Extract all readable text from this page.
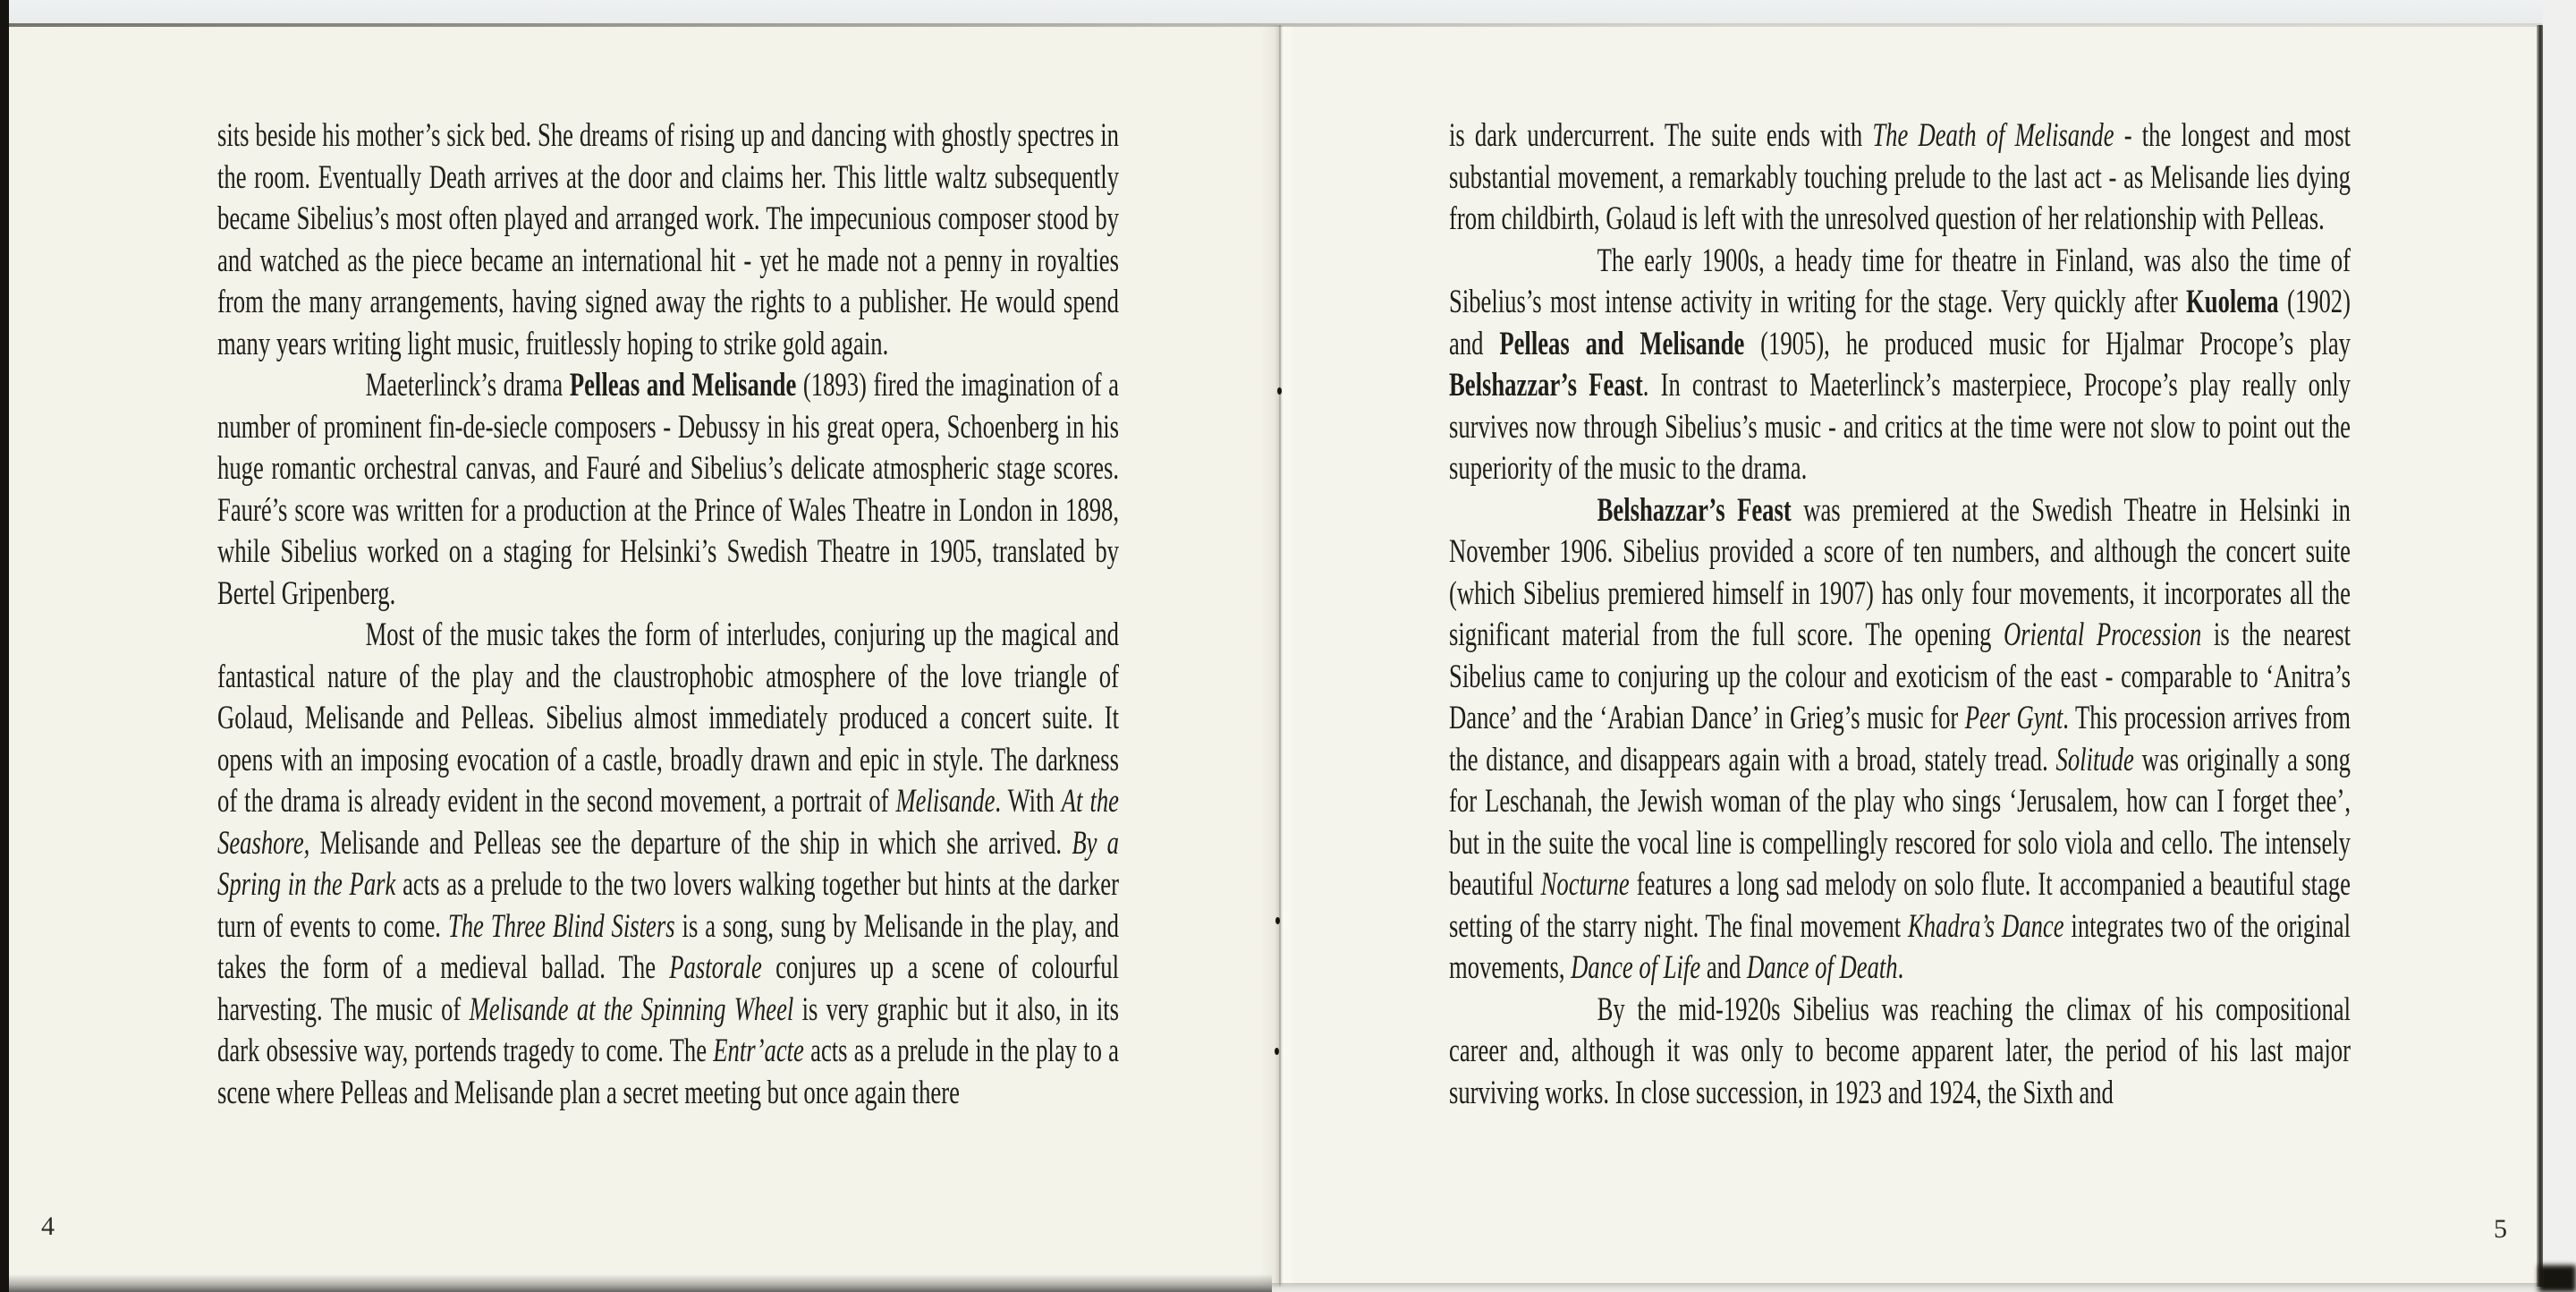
sits beside his mother’s sick bed. She dreams of rising up and dancing with ghostly spectres in the room. Eventually Death arrives at the door and claims her. This little waltz subsequently became Sibelius’s most often played and arranged work. The impecunious composer stood by and watched as the piece became an international hit - yet he made not a penny in royalties from the many arrangements, having signed away the rights to a publisher. He would spend many years writing light music, fruitlessly hoping to strike gold again.

Maeterlinck’s drama Pelleas and Melisande (1893) fired the imagination of a number of prominent fin-de-siecle composers - Debussy in his great opera, Schoenberg in his huge romantic orchestral canvas, and Fauré and Sibelius’s delicate atmospheric stage scores. Fauré’s score was written for a production at the Prince of Wales Theatre in London in 1898, while Sibelius worked on a staging for Helsinki’s Swedish Theatre in 1905, translated by Bertel Gripenberg.

Most of the music takes the form of interludes, conjuring up the magical and fantastical nature of the play and the claustrophobic atmosphere of the love triangle of Golaud, Melisande and Pelleas. Sibelius almost immediately produced a concert suite. It opens with an imposing evocation of a castle, broadly drawn and epic in style. The darkness of the drama is already evident in the second movement, a portrait of Melisande. With At the Seashore, Melisande and Pelleas see the departure of the ship in which she arrived. By a Spring in the Park acts as a prelude to the two lovers walking together but hints at the darker turn of events to come. The Three Blind Sisters is a song, sung by Melisande in the play, and takes the form of a medieval ballad. The Pastorale conjures up a scene of colourful harvesting. The music of Melisande at the Spinning Wheel is very graphic but it also, in its dark obsessive way, portends tragedy to come. The Entr’acte acts as a prelude in the play to a scene where Pelleas and Melisande plan a secret meeting but once again there

is dark undercurrent. The suite ends with The Death of Melisande - the longest and most substantial movement, a remarkably touching prelude to the last act - as Melisande lies dying from childbirth, Golaud is left with the unresolved question of her relationship with Pelleas.

The early 1900s, a heady time for theatre in Finland, was also the time of Sibelius’s most intense activity in writing for the stage. Very quickly after Kuolema (1902) and Pelleas and Melisande (1905), he produced music for Hjalmar Procope’s play Belshazzar’s Feast. In contrast to Maeterlinck’s masterpiece, Procope’s play really only survives now through Sibelius’s music - and critics at the time were not slow to point out the superiority of the music to the drama.

Belshazzar’s Feast was premiered at the Swedish Theatre in Helsinki in November 1906. Sibelius provided a score of ten numbers, and although the concert suite (which Sibelius premiered himself in 1907) has only four movements, it incorporates all the significant material from the full score. The opening Oriental Procession is the nearest Sibelius came to conjuring up the colour and exoticism of the east - comparable to ‘Anitra’s Dance’ and the ‘Arabian Dance’ in Grieg’s music for Peer Gynt. This procession arrives from the distance, and disappears again with a broad, stately tread. Solitude was originally a song for Leschanah, the Jewish woman of the play who sings ‘Jerusalem, how can I forget thee’, but in the suite the vocal line is compellingly rescored for solo viola and cello. The intensely beautiful Nocturne features a long sad melody on solo flute. It accompanied a beautiful stage setting of the starry night. The final movement Khadra’s Dance integrates two of the original movements, Dance of Life and Dance of Death.

By the mid-1920s Sibelius was reaching the climax of his compositional career and, although it was only to become apparent later, the period of his last major surviving works. In close succession, in 1923 and 1924, the Sixth and

4	5
